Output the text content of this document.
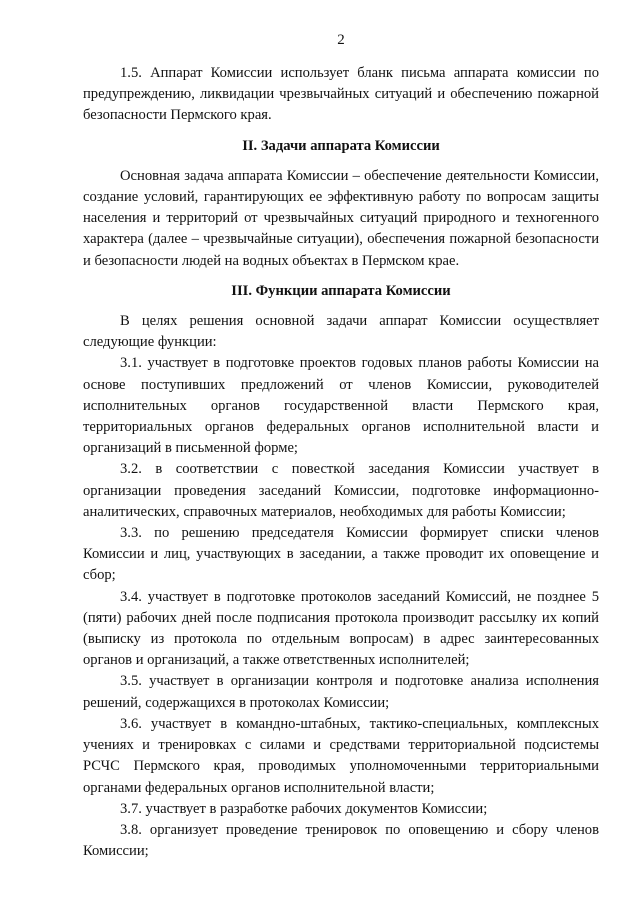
2

1.5. Аппарат Комиссии использует бланк письма аппарата комиссии по предупреждению, ликвидации чрезвычайных ситуаций и обеспечению пожарной безопасности Пермского края.

II. Задачи аппарата Комиссии

Основная задача аппарата Комиссии – обеспечение деятельности Комиссии, создание условий, гарантирующих ее эффективную работу по вопросам защиты населения и территорий от чрезвычайных ситуаций природного и техногенного характера (далее – чрезвычайные ситуации), обеспечения пожарной безопасности и безопасности людей на водных объектах в Пермском крае.

III. Функции аппарата Комиссии

В целях решения основной задачи аппарат Комиссии осуществляет следующие функции:

3.1. участвует в подготовке проектов годовых планов работы Комиссии на основе поступивших предложений от членов Комиссии, руководителей исполнительных органов государственной власти Пермского края, территориальных органов федеральных органов исполнительной власти и организаций в письменной форме;

3.2. в соответствии с повесткой заседания Комиссии участвует в организации проведения заседаний Комиссии, подготовке информационно-аналитических, справочных материалов, необходимых для работы Комиссии;

3.3. по решению председателя Комиссии формирует списки членов Комиссии и лиц, участвующих в заседании, а также проводит их оповещение и сбор;

3.4. участвует в подготовке протоколов заседаний Комиссий, не позднее 5 (пяти) рабочих дней после подписания протокола производит рассылку их копий (выписку из протокола по отдельным вопросам) в адрес заинтересованных органов и организаций, а также ответственных исполнителей;

3.5. участвует в организации контроля и подготовке анализа исполнения решений, содержащихся в протоколах Комиссии;

3.6. участвует в командно-штабных, тактико-специальных, комплексных учениях и тренировках с силами и средствами территориальной подсистемы РСЧС Пермского края, проводимых уполномоченными территориальными органами федеральных органов исполнительной власти;

3.7. участвует в разработке рабочих документов Комиссии;

3.8. организует проведение тренировок по оповещению и сбору членов Комиссии;
